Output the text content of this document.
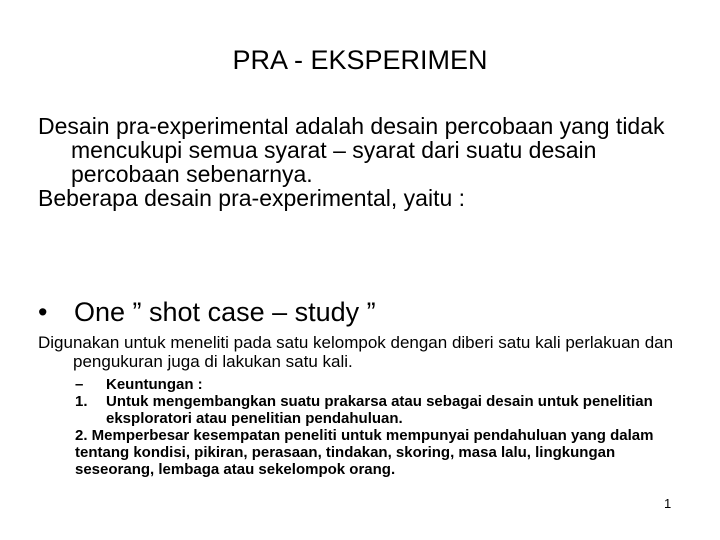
PRA - EKSPERIMEN
Desain pra-experimental adalah desain percobaan yang tidak mencukupi semua syarat – syarat dari suatu desain percobaan sebenarnya.
Beberapa desain pra-experimental, yaitu :
• One ” shot case – study ”
Digunakan untuk meneliti pada satu kelompok dengan diberi satu kali perlakuan dan pengukuran juga di lakukan satu kali.
–	Keuntungan :
1.	Untuk mengembangkan suatu prakarsa atau sebagai desain untuk penelitian eksploratori atau penelitian pendahuluan.
2. Memperbesar kesempatan peneliti untuk mempunyai pendahuluan yang dalam tentang kondisi, pikiran, perasaan, tindakan, skoring, masa lalu, lingkungan seseorang, lembaga atau sekelompok orang.
1
